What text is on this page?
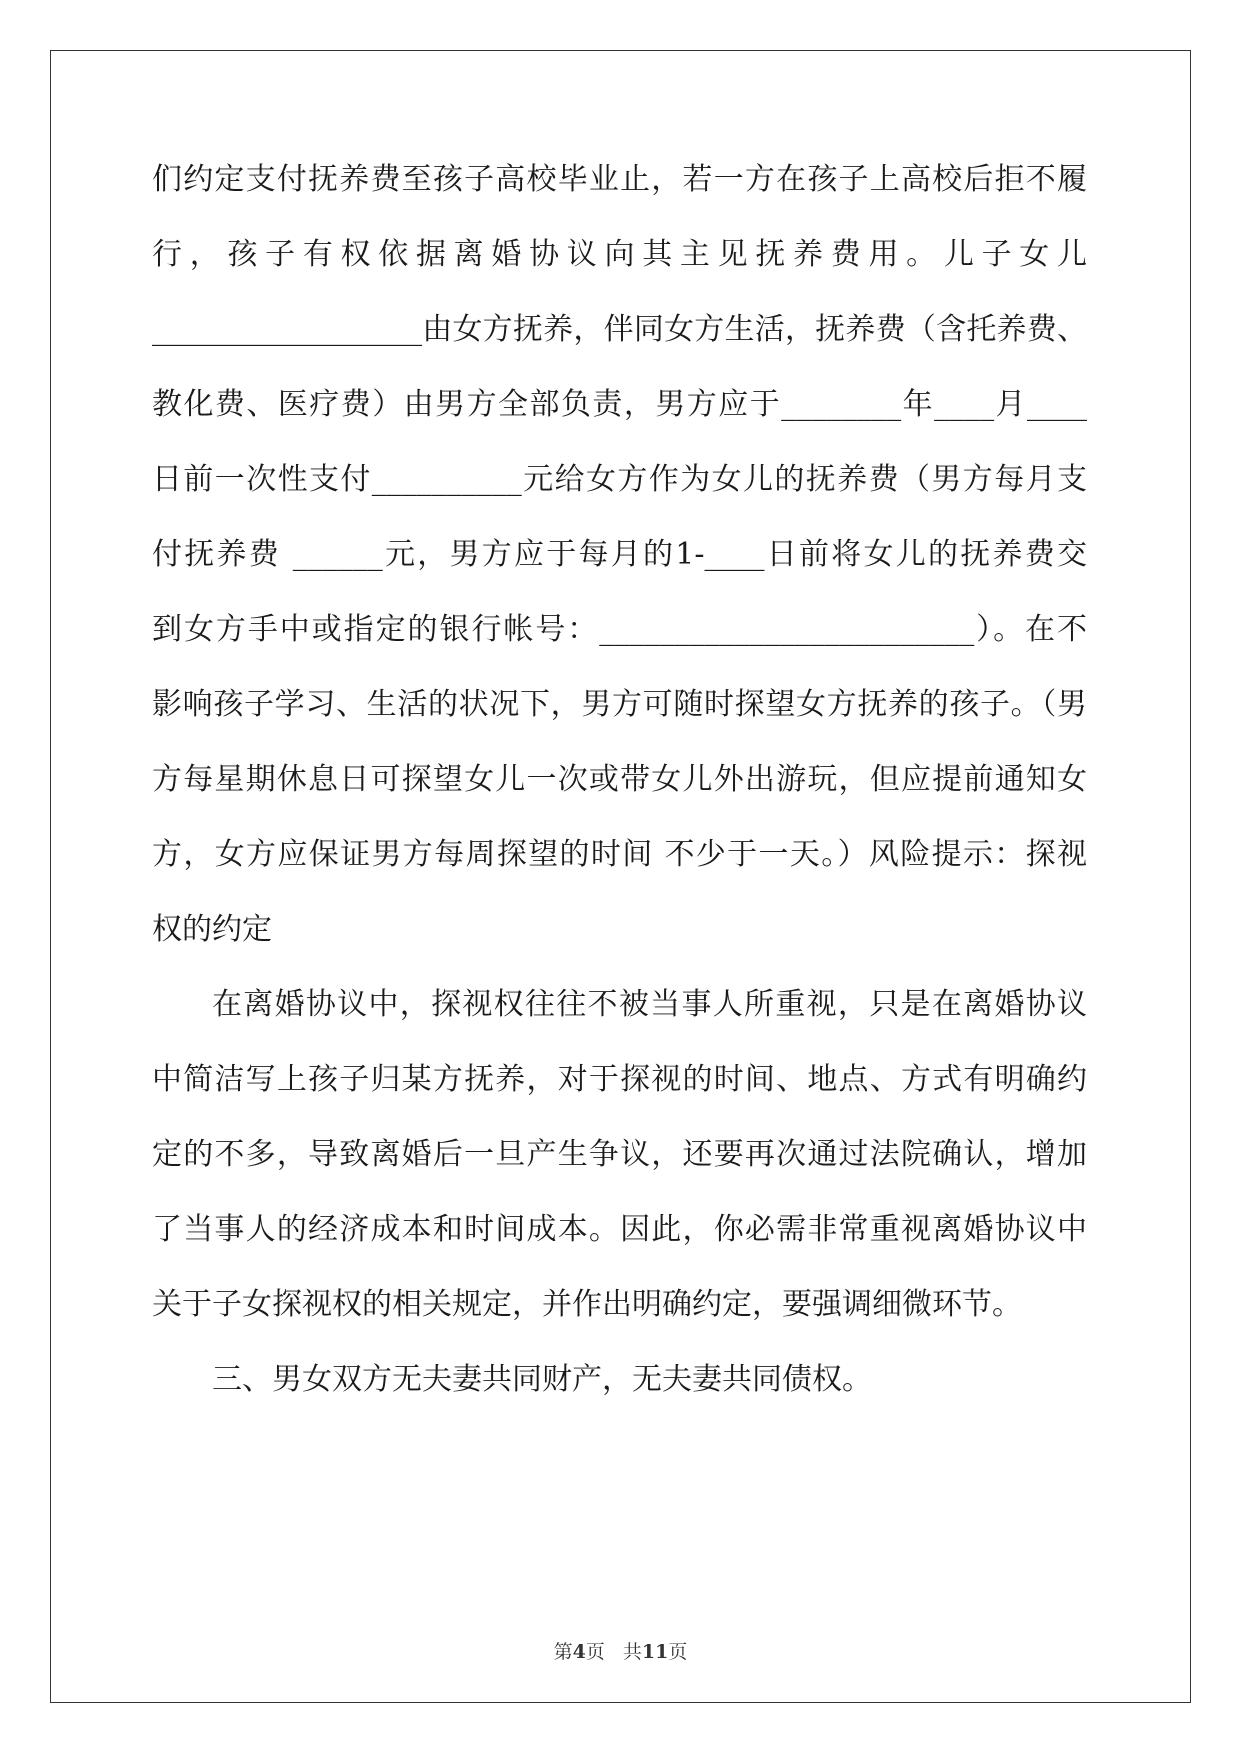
们约定支付抚养费至孩子高校毕业止，若一方在孩子上高校后拒不履
行，孩子有权依据离婚协议向其主见抚养费用。儿子女儿
__________________由女方抚养，伴同女方生活，抚养费（含托养费、
教化费、医疗费）由男方全部负责，男方应于________年____月____
日前一次性支付__________元给女方作为女儿的抚养费（男方每月支
付抚养费 ______元，男方应于每月的1-____日前将女儿的抚养费交
到女方手中或指定的银行帐号：_________________________）。在不
影响孩子学习、生活的状况下，男方可随时探望女方抚养的孩子。（男
方每星期休息日可探望女儿一次或带女儿外出游玩，但应提前通知女
方，女方应保证男方每周探望的时间 不少于一天。）风险提示：探视
权的约定
在离婚协议中，探视权往往不被当事人所重视，只是在离婚协议
中简洁写上孩子归某方抚养，对于探视的时间、地点、方式有明确约
定的不多，导致离婚后一旦产生争议，还要再次通过法院确认，增加
了当事人的经济成本和时间成本。因此，你必需非常重视离婚协议中
关于子女探视权的相关规定，并作出明确约定，要强调细微环节。
三、男女双方无夫妻共同财产，无夫妻共同债权。
第4页 共11页
